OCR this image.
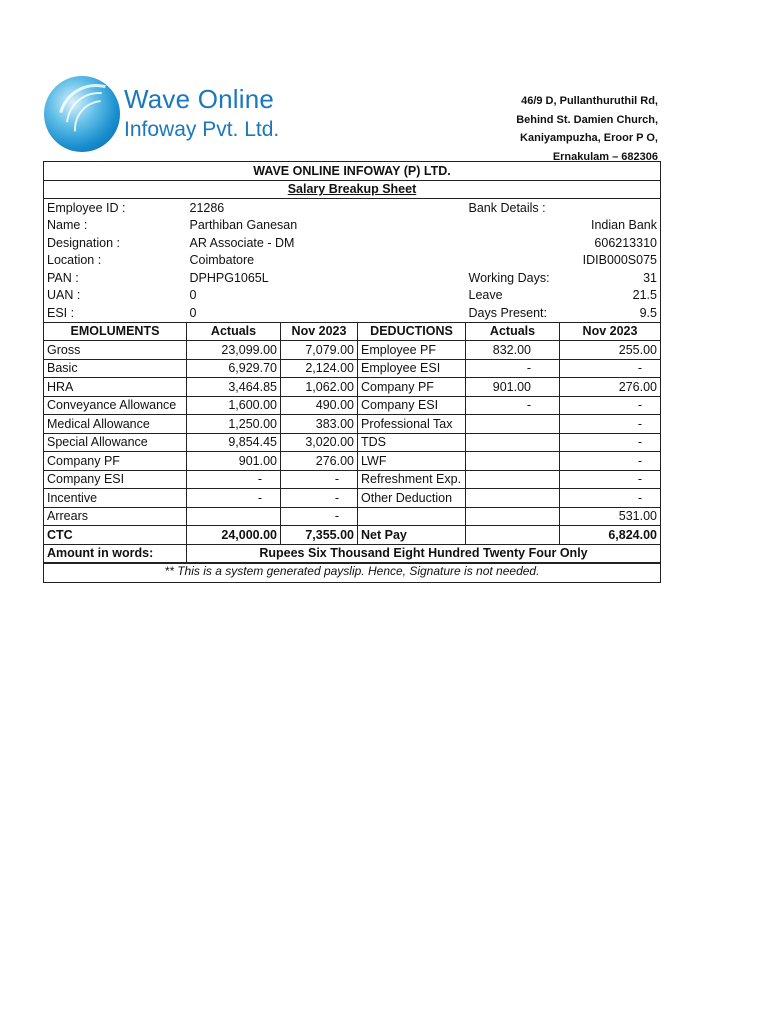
Wave Online
Infoway Pvt. Ltd.
46/9 D, Pullanthuruthil Rd,
Behind St. Damien Church,
Kaniyampuzha, Eroor P O,
Ernakulam – 682306
WAVE ONLINE INFOWAY (P) LTD.					
Salary Breakup Sheet					
Employee ID :	21286			Bank Details :	
Name :	Parthiban Ganesan				Indian Bank
Designation :	AR Associate - DM				606213310
Location :	Coimbatore				IDIB000S075
PAN :	DPHPG1065L			Working Days:	31
UAN :	0			Leave	21.5
ESI :	0			Days Present:	9.5
EMOLUMENTS	Actuals	Nov 2023	DEDUCTIONS	Actuals	Nov 2023
Gross	23,099.00	7,079.00	Employee PF	832.00	255.00
Basic	6,929.70	2,124.00	Employee ESI	-	-
HRA	3,464.85	1,062.00	Company PF	901.00	276.00
Conveyance Allowance	1,600.00	490.00	Company ESI	-	-
Medical Allowance	1,250.00	383.00	Professional Tax		-
Special Allowance	9,854.45	3,020.00	TDS		-
Company PF	901.00	276.00	LWF		-
Company ESI	-	-	Refreshment Exp.		-
Incentive	-	-	Other Deduction		-
Arrears		-			531.00
CTC	24,000.00	7,355.00	Net Pay		6,824.00
Amount in words:	Rupees Six Thousand Eight Hundred Twenty Four Only				
** This is a system generated payslip. Hence, Signature is not needed.					
